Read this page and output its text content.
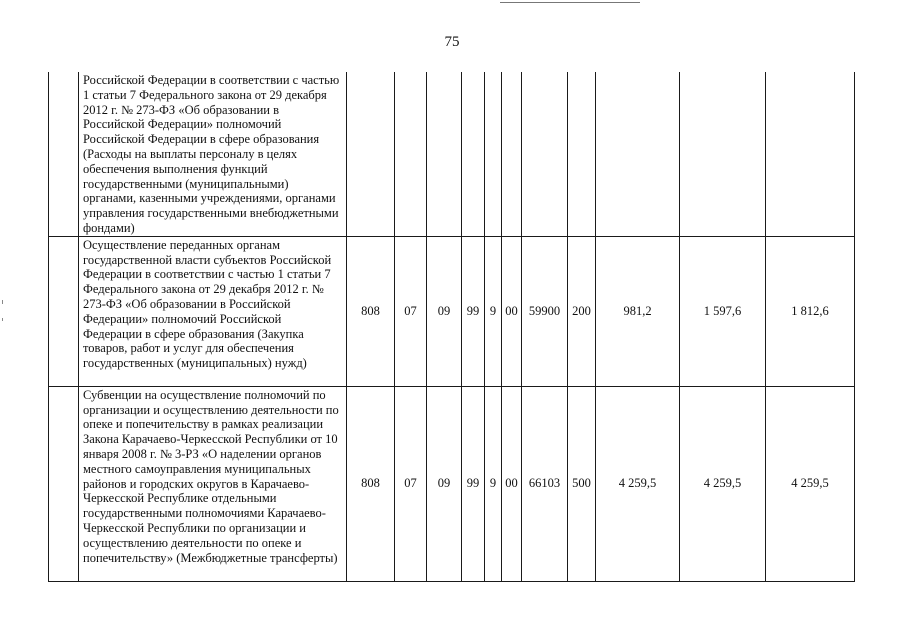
75
	Российской Федерации в соответствии с частью 1 статьи 7 Федерального закона от 29 декабря 2012 г. № 273-ФЗ «Об образовании в Российской Федерации» полномочий Российской Федерации в сфере образования (Расходы на выплаты персоналу в целях обеспечения выполнения функций государственными (муниципальными) органами, казенными учреждениями, органами управления государственными внебюджетными фондами)											
	Осуществление переданных органам государственной власти субъектов Российской Федерации в соответствии с частью 1 статьи 7 Федерального закона от 29 декабря 2012 г. № 273-ФЗ «Об образовании в Российской Федерации» полномочий Российской Федерации в сфере образования (Закупка товаров, работ и услуг для обеспечения государственных (муниципальных) нужд)	808	07	09	99	9	00	59900	200	981,2	1 597,6	1 812,6
	Субвенции на осуществление полномочий по организации и осуществлению деятельности по опеке и попечительству в рамках реализации Закона Карачаево-Черкесской Республики от 10 января 2008 г. № 3-РЗ «О наделении органов местного самоуправления муниципальных районов и городских округов в Карачаево-Черкесской Республике отдельными государственными полномочиями Карачаево-Черкесской Республики по организации и осуществлению деятельности по опеке и попечительству» (Межбюджетные трансферты)	808	07	09	99	9	00	66103	500	4 259,5	4 259,5	4 259,5
